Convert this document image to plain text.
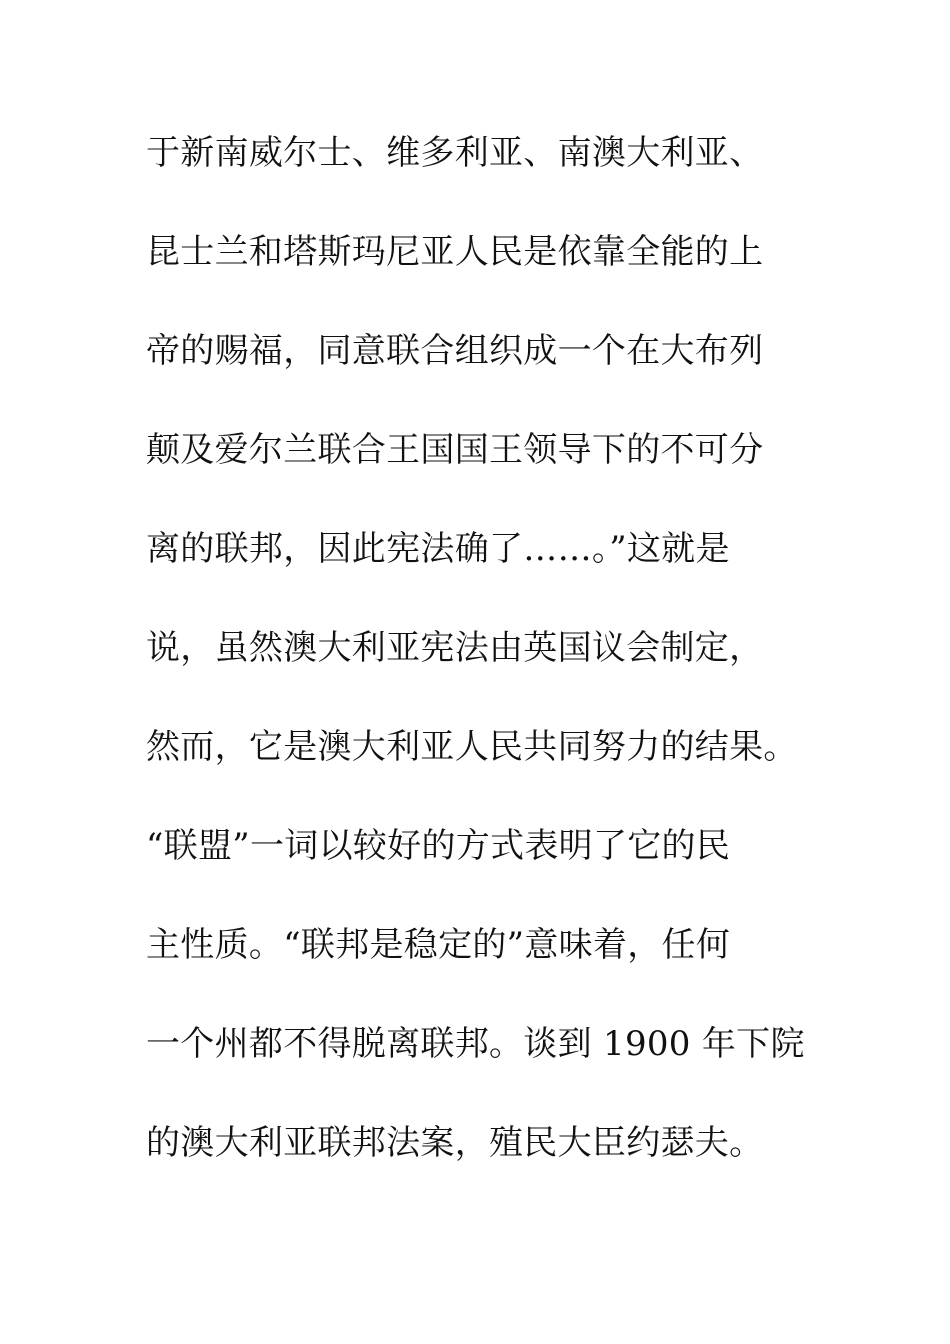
于新南威尔士、维多利亚、南澳大利亚、
昆士兰和塔斯玛尼亚人民是依靠全能的上
帝的赐福，同意联合组织成一个在大布列
颠及爱尔兰联合王国国王领导下的不可分
离的联邦，因此宪法确了……。”这就是
说，虽然澳大利亚宪法由英国议会制定，
然而，它是澳大利亚人民共同努力的结果。
“联盟”一词以较好的方式表明了它的民
主性质。“联邦是稳定的”意味着，任何
一个州都不得脱离联邦。谈到 1900 年下院
的澳大利亚联邦法案，殖民大臣约瑟夫。
